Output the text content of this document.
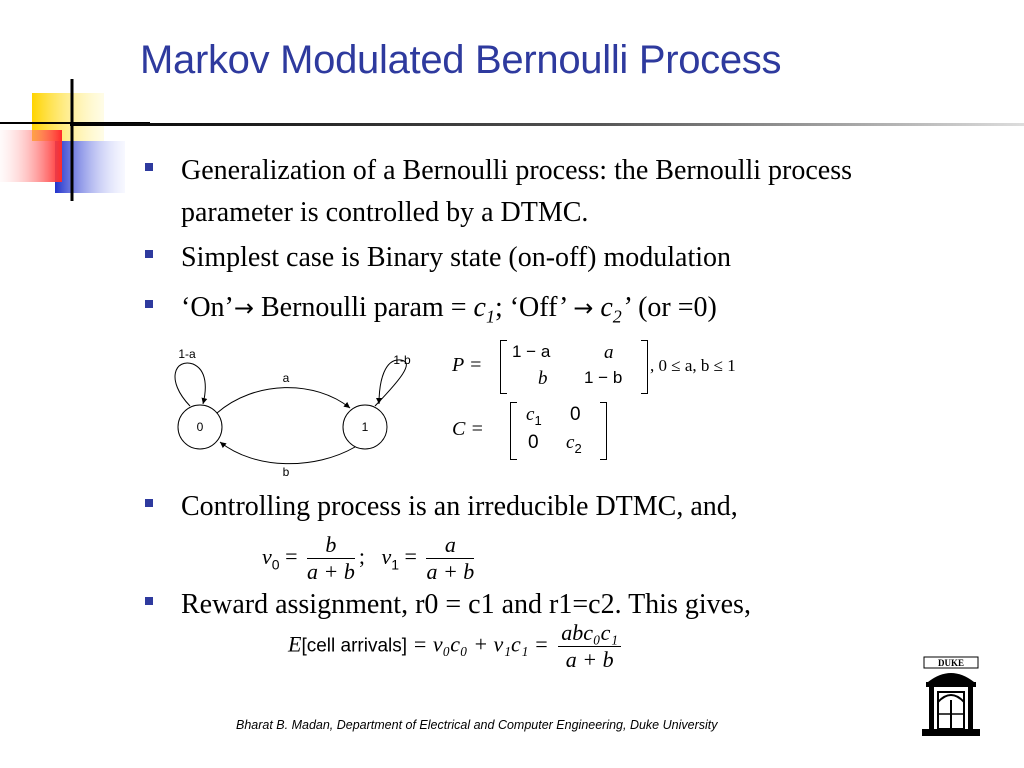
Markov Modulated Bernoulli Process
Generalization of a Bernoulli process: the Bernoulli process parameter is controlled by a DTMC.
Simplest case is Binary state (on-off) modulation
‘On’→ Bernoulli param = $c_1$; ‘Off’ → $c_2$’ (or =0)
0	1
1-a	1-b
a
b
P =
1 − a	a
b 1 − b
, 0 ≤ a, b ≤ 1
C =
$c_1$ 0
0 $c_2$
Controlling process is an irreducible DTMC, and,
$v_0 = \frac{b}{a + b}$ ;   $v_1 = \frac{a}{a + b}$
Reward assignment, r0 = c1 and r1=c2. This gives,
E[cell arrivals] = $v_0c_0 + v_1c_1 = \frac{\text{abc₀c₁}}{a + b}$	DUKE
Bharat B. Madan, Department of Electrical and Computer Engineering, Duke University
